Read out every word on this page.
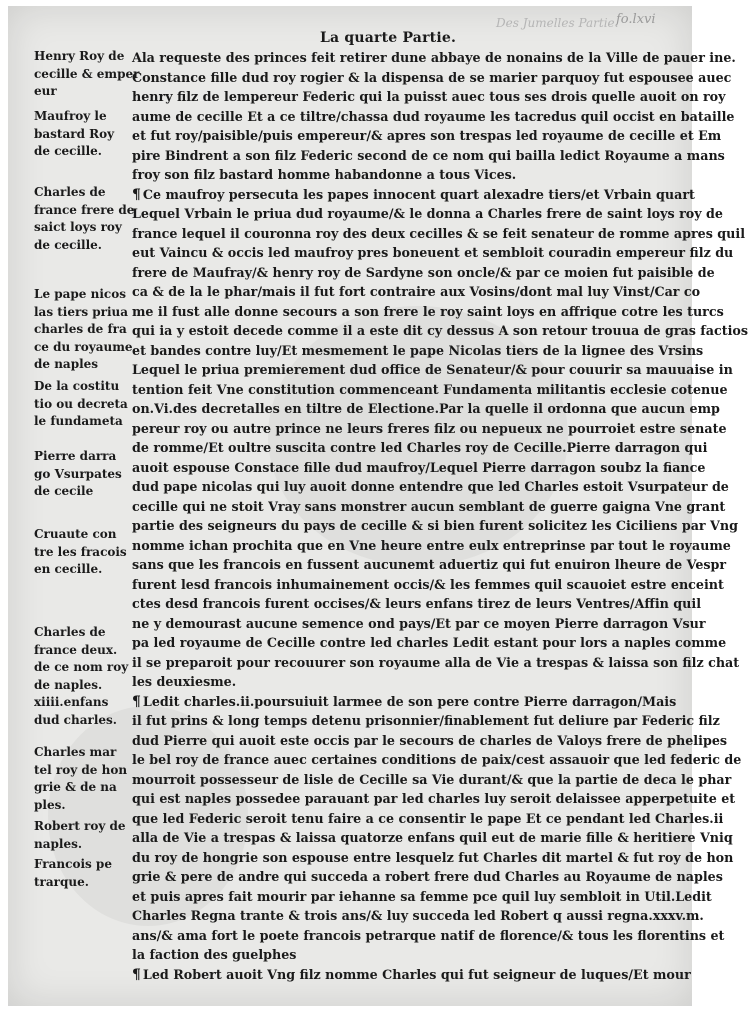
Des Jumelles Partie.
fo.lxvi
La quarte Partie.
Ala requeste des princes feit retirer dune abbaye de nonains de la Ville de pauer ine.
Constance fille dud roy rogier & la dispensa de se marier parquoy fut espousee auec
henry filz de lempereur Federic qui la puisst auec tous ses drois quelle auoit on roy
aume de cecille Et a ce tiltre/chassa dud royaume les tacredus quil occist en bataille
et fut roy/paisible/puis empereur/& apres son trespas led royaume de cecille et Em
pire Bindrent a son filz Federic second de ce nom qui bailla ledict Royaume a mans
froy son filz bastard homme habandonne a tous Vices.
¶ Ce maufroy persecuta les papes innocent quart alexadre tiers/et Vrbain quart
Lequel Vrbain le priua dud royaume/& le donna a Charles frere de saint loys roy de
france lequel il couronna roy des deux cecilles & se feit senateur de romme apres quil
eut Vaincu & occis led maufroy pres boneuent et sembloit couradin empereur filz du
frere de Maufray/& henry roy de Sardyne son oncle/& par ce moien fut paisible de
ca & de la le phar/mais il fut fort contraire aux Vosins/dont mal luy Vinst/Car co
me il fust alle donne secours a son frere le roy saint loys en affrique cotre les turcs
qui ia y estoit decede comme il a este dit cy dessus A son retour trouua de gras factios
et bandes contre luy/Et mesmement le pape Nicolas tiers de la lignee des Vrsins
Lequel le priua premierement dud office de Senateur/& pour couurir sa mauuaise in
tention feit Vne constitution commenceant Fundamenta militantis ecclesie cotenue
on.Vi.des decretalles en tiltre de Electione.Par la quelle il ordonna que aucun emp
pereur roy ou autre prince ne leurs freres filz ou nepueux ne pourroiet estre senate
de romme/Et oultre suscita contre led Charles roy de Cecille.Pierre darragon qui
auoit espouse Constace fille dud maufroy/Lequel Pierre darragon soubz la fiance
dud pape nicolas qui luy auoit donne entendre que led Charles estoit Vsurpateur de
cecille qui ne stoit Vray sans monstrer aucun semblant de guerre gaigna Vne grant
partie des seigneurs du pays de cecille & si bien furent solicitez les Ciciliens par Vng
nomme ichan prochita que en Vne heure entre eulx entreprinse par tout le royaume
sans que les francois en fussent aucunemt aduertiz qui fut enuiron lheure de Vespr
furent lesd francois inhumainement occis/& les femmes quil scauoiet estre enceint
ctes desd francois furent occises/& leurs enfans tirez de leurs Ventres/Affin quil
ne y demourast aucune semence ond pays/Et par ce moyen Pierre darragon Vsur
pa led royaume de Cecille contre led charles Ledit estant pour lors a naples comme
il se preparoit pour recouurer son royaume alla de Vie a trespas & laissa son filz chat
les deuxiesme.
¶ Ledit charles.ii.poursuiuit larmee de son pere contre Pierre darragon/Mais
il fut prins & long temps detenu prisonnier/finablement fut deliure par Federic filz
dud Pierre qui auoit este occis par le secours de charles de Valoys frere de phelipes
le bel roy de france auec certaines conditions de paix/cest assauoir que led federic de
mourroit possesseur de lisle de Cecille sa Vie durant/& que la partie de deca le phar
qui est naples possedee parauant par led charles luy seroit delaissee apperpetuite et
que led Federic seroit tenu faire a ce consentir le pape Et ce pendant led Charles.ii
alla de Vie a trespas & laissa quatorze enfans quil eut de marie fille & heritiere Vniq
du roy de hongrie son espouse entre lesquelz fut Charles dit martel & fut roy de hon
grie & pere de andre qui succeda a robert frere dud Charles au Royaume de naples
et puis apres fait mourir par iehanne sa femme pce quil luy sembloit in Util.Ledit
Charles Regna trante & trois ans/& luy succeda led Robert q aussi regna.xxxv.m.
ans/& ama fort le poete francois petrarque natif de florence/& tous les florentins et
la faction des guelphes
¶ Led Robert auoit Vng filz nomme Charles qui fut seigneur de luques/Et mour
Henry Roy de
cecille & emper
eur
Maufroy le
bastard Roy
de cecille.
Charles de
france frere de
saict loys roy
de cecille.
Le pape nicos
las tiers priua
charles de fra
ce du royaume
de naples
De la costitu
tio ou decreta
le fundameta
Pierre darra
go Vsurpates
de cecile
Cruaute con
tre les fracois
en cecille.
Charles de
france deux.
de ce nom roy
de naples.
xiiii.enfans
dud charles.
Charles mar
tel roy de hon
grie & de na
ples.
Robert roy de
naples.
Francois pe
trarque.
